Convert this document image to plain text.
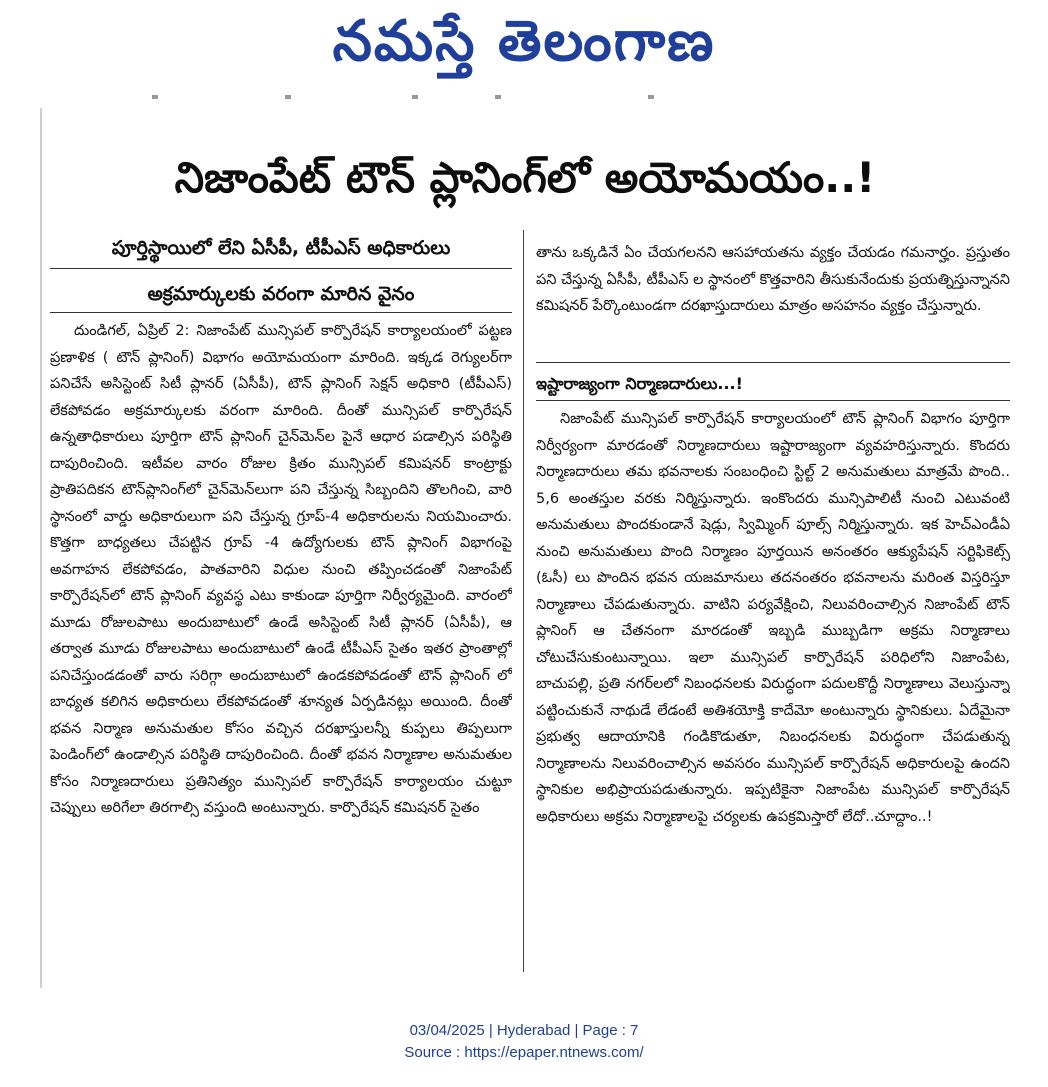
నమస్తే తెలంగాణ
నిజాంపేట్ టౌన్ ప్లానింగ్‌లో అయోమయం..!
పూర్తిస్థాయిలో లేని ఏసీపీ, టీపీఎస్ అధికారులు
అక్రమార్కులకు వరంగా మారిన వైనం
దుండిగల్, ఏప్రిల్ 2: నిజాంపేట్ మున్సిపల్ కార్పొరేషన్ కార్యాలయంలో పట్టణ ప్రణాళిక ( టౌన్ ప్లానింగ్) విభాగం అయోమయంగా మారింది. ఇక్కడ రెగ్యులర్‌గా పనిచేసే అసిస్టెంట్ సిటీ ప్లానర్ (ఏసీపీ), టౌన్ ప్లానింగ్ సెక్షన్ అధికారి (టీపీఎస్) లేకపోవడం అక్రమార్కులకు వరంగా మారింది. దీంతో మున్సిపల్ కార్పొరేషన్ ఉన్నతాధికారులు పూర్తిగా టౌన్ ప్లానింగ్ చైన్‌మెన్‌ల పైనే ఆధార పడాల్సిన పరిస్థితి దాపురించింది. ఇటీవల వారం రోజుల క్రితం మున్సిపల్ కమిషనర్ కాంట్రాక్టు ప్రాతిపదికన టౌన్‌ప్లానింగ్‌లో చైన్‌మెన్‌లుగా పని చేస్తున్న సిబ్బందిని తొలగించి, వారి స్థానంలో వార్డు అధికారులుగా పని చేస్తున్న గ్రూప్-4 అధికారులను నియమించారు. కొత్తగా బాధ్యతలు చేపట్టిన గ్రూప్ -4 ఉద్యోగులకు టౌన్ ప్లానింగ్ విభాగంపై అవగాహన లేకపోవడం, పాతవారిని విధుల నుంచి తప్పించడంతో నిజాంపేట్ కార్పొరేషన్‌లో టౌన్ ప్లానింగ్ వ్యవస్థ ఎటు కాకుండా పూర్తిగా నిర్వీర్యమైంది. వారంలో మూడు రోజులపాటు అందుబాటులో ఉండే అసిస్టెంట్ సిటీ ప్లానర్ (ఏసీపీ), ఆ తర్వాత మూడు రోజులపాటు అందుబాటులో ఉండే టీపీఎస్ సైతం ఇతర ప్రాంతాల్లో పనిచేస్తుండడంతో వారు సరిగ్గా అందుబాటులో ఉండకపోవడంతో టౌన్ ప్లానింగ్ లో బాధ్యత కలిగిన అధికారులు లేకపోవడంతో శూన్యత ఏర్పడినట్లు అయింది. దీంతో భవన నిర్మాణ అనుమతుల కోసం వచ్చిన దరఖాస్తులన్నీ కుప్పలు తిప్పలుగా పెండింగ్‌లో ఉండాల్సిన పరిస్థితి దాపురించింది. దీంతో భవన నిర్మాణాల అనుమతుల కోసం నిర్మాణదారులు ప్రతినిత్యం మున్సిపల్ కార్పొరేషన్ కార్యాలయం చుట్టూ చెప్పులు అరిగేలా తిరగాల్సి వస్తుంది అంటున్నారు. కార్పొరేషన్ కమిషనర్ సైతం
తాను ఒక్కడినే ఏం చేయగలనని ఆసహాయతను వ్యక్తం చేయడం గమనార్హం. ప్రస్తుతం పని చేస్తున్న ఏసీపీ, టీపీఎస్ ల స్థానంలో కొత్తవారిని తీసుకునేందుకు ప్రయత్నిస్తున్నానని కమిషనర్ పేర్కొంటుండగా దరఖాస్తుదారులు మాత్రం అసహనం వ్యక్తం చేస్తున్నారు.
ఇష్టారాజ్యంగా నిర్మాణదారులు...!
నిజాంపేట్ మున్సిపల్ కార్పొరేషన్ కార్యాలయంలో టౌన్ ప్లానింగ్ విభాగం పూర్తిగా నిర్వీర్యంగా మారడంతో నిర్మాణదారులు ఇష్టారాజ్యంగా వ్యవహరిస్తున్నారు. కొందరు నిర్మాణదారులు తమ భవనాలకు సంబంధించి స్టిల్ట్ 2 అనుమతులు మాత్రమే పొంది.. 5,6 అంతస్తుల వరకు నిర్మిస్తున్నారు. ఇంకొందరు మున్సిపాలిటీ నుంచి ఎటువంటి అనుమతులు పొందకుండానే షెడ్లు, స్విమ్మింగ్ పూల్స్ నిర్మిస్తున్నారు. ఇక హెచ్ఎండీఏ నుంచి అనుమతులు పొంది నిర్మాణం పూర్తయిన అనంతరం ఆక్యుపేషన్ సర్టిఫికెట్స్ (ఓసీ) లు పొందిన భవన యజమానులు తదనంతరం భవనాలను మరింత విస్తరిస్తూ నిర్మాణాలు చేపడుతున్నారు. వాటిని పర్యవేక్షించి, నిలువరించాల్సిన నిజాంపేట్ టౌన్ ప్లానింగ్ ఆ చేతనంగా మారడంతో ఇబ్బడి ముబ్బడిగా అక్రమ నిర్మాణాలు చోటుచేసుకుంటున్నాయి. ఇలా మున్సిపల్ కార్పొరేషన్ పరిధిలోని నిజాంపేట, బాచుపల్లి, ప్రతి నగర్‌లలో నిబంధనలకు విరుద్ధంగా పదులకొద్దీ నిర్మాణాలు వెలుస్తున్నా పట్టించుకునే నాథుడే లేడంటే అతిశయోక్తి కాదేమో అంటున్నారు స్థానికులు. ఏదేమైనా ప్రభుత్వ ఆదాయానికి గండికొడుతూ, నిబంధనలకు విరుద్ధంగా చేపడుతున్న నిర్మాణాలను నిలువరించాల్సిన అవసరం మున్సిపల్ కార్పొరేషన్ అధికారులపై ఉందని స్థానికుల అభిప్రాయపడుతున్నారు. ఇప్పటికైనా నిజాంపేట మున్సిపల్ కార్పొరేషన్ అధికారులు అక్రమ నిర్మాణాలపై చర్యలకు ఉపక్రమిస్తారో లేదో..చూద్దాం..!
03/04/2025 | Hyderabad | Page : 7
Source : https://epaper.ntnews.com/
